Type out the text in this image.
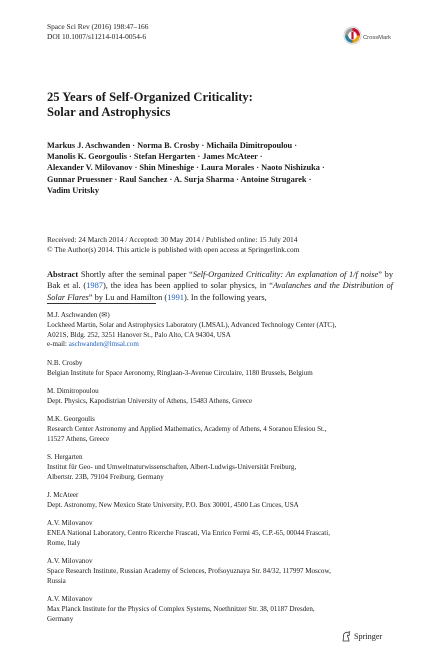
Space Sci Rev (2016) 198:47–166
DOI 10.1007/s11214-014-0054-6	CrossMark
25 Years of Self-Organized Criticality:
Solar and Astrophysics
Markus J. Aschwanden · Norma B. Crosby · Michaila Dimitropoulou ·
Manolis K. Georgoulis · Stefan Hergarten · James McAteer ·
Alexander V. Milovanov · Shin Mineshige · Laura Morales · Naoto Nishizuka ·
Gunnar Pruessner · Raul Sanchez · A. Surja Sharma · Antoine Strugarek ·
Vadim Uritsky
Received: 24 March 2014 / Accepted: 30 May 2014 / Published online: 15 July 2014
© The Author(s) 2014. This article is published with open access at Springerlink.com
Abstract Shortly after the seminal paper “Self-Organized Criticality: An explanation of 1/f noise” by Bak et al. (1987), the idea has been applied to solar physics, in “Avalanches and the Distribution of Solar Flares” by Lu and Hamilton (1991). In the following years,
M.J. Aschwanden (✉)
Lockheed Martin, Solar and Astrophysics Laboratory (LMSAL), Advanced Technology Center (ATC),
A021S, Bldg. 252, 3251 Hanover St., Palo Alto, CA 94304, USA
e-mail: aschwanden@lmsal.com
N.B. Crosby
Belgian Institute for Space Aeronomy, Ringlaan-3-Avenue Circulaire, 1180 Brussels, Belgium
M. Dimitropoulou
Dept. Physics, Kapodistrian University of Athens, 15483 Athens, Greece
M.K. Georgoulis
Research Center Astronomy and Applied Mathematics, Academy of Athens, 4 Soranou Efesiou St.,
11527 Athens, Greece
S. Hergarten
Institut für Geo- und Umweltnaturwissenschaften, Albert-Ludwigs-Universität Freiburg,
Albertstr. 23B, 79104 Freiburg, Germany
J. McAteer
Dept. Astronomy, New Mexico State University, P.O. Box 30001, 4500 Las Cruces, USA
A.V. Milovanov
ENEA National Laboratory, Centro Ricerche Frascati, Via Enrico Fermi 45, C.P.-65, 00044 Frascati,
Rome, Italy
A.V. Milovanov
Space Research Institute, Russian Academy of Sciences, Profsoyuznaya Str. 84/32, 117997 Moscow,
Russia
A.V. Milovanov
Max Planck Institute for the Physics of Complex Systems, Noethnitzer Str. 38, 01187 Dresden,
Germany
Springer
